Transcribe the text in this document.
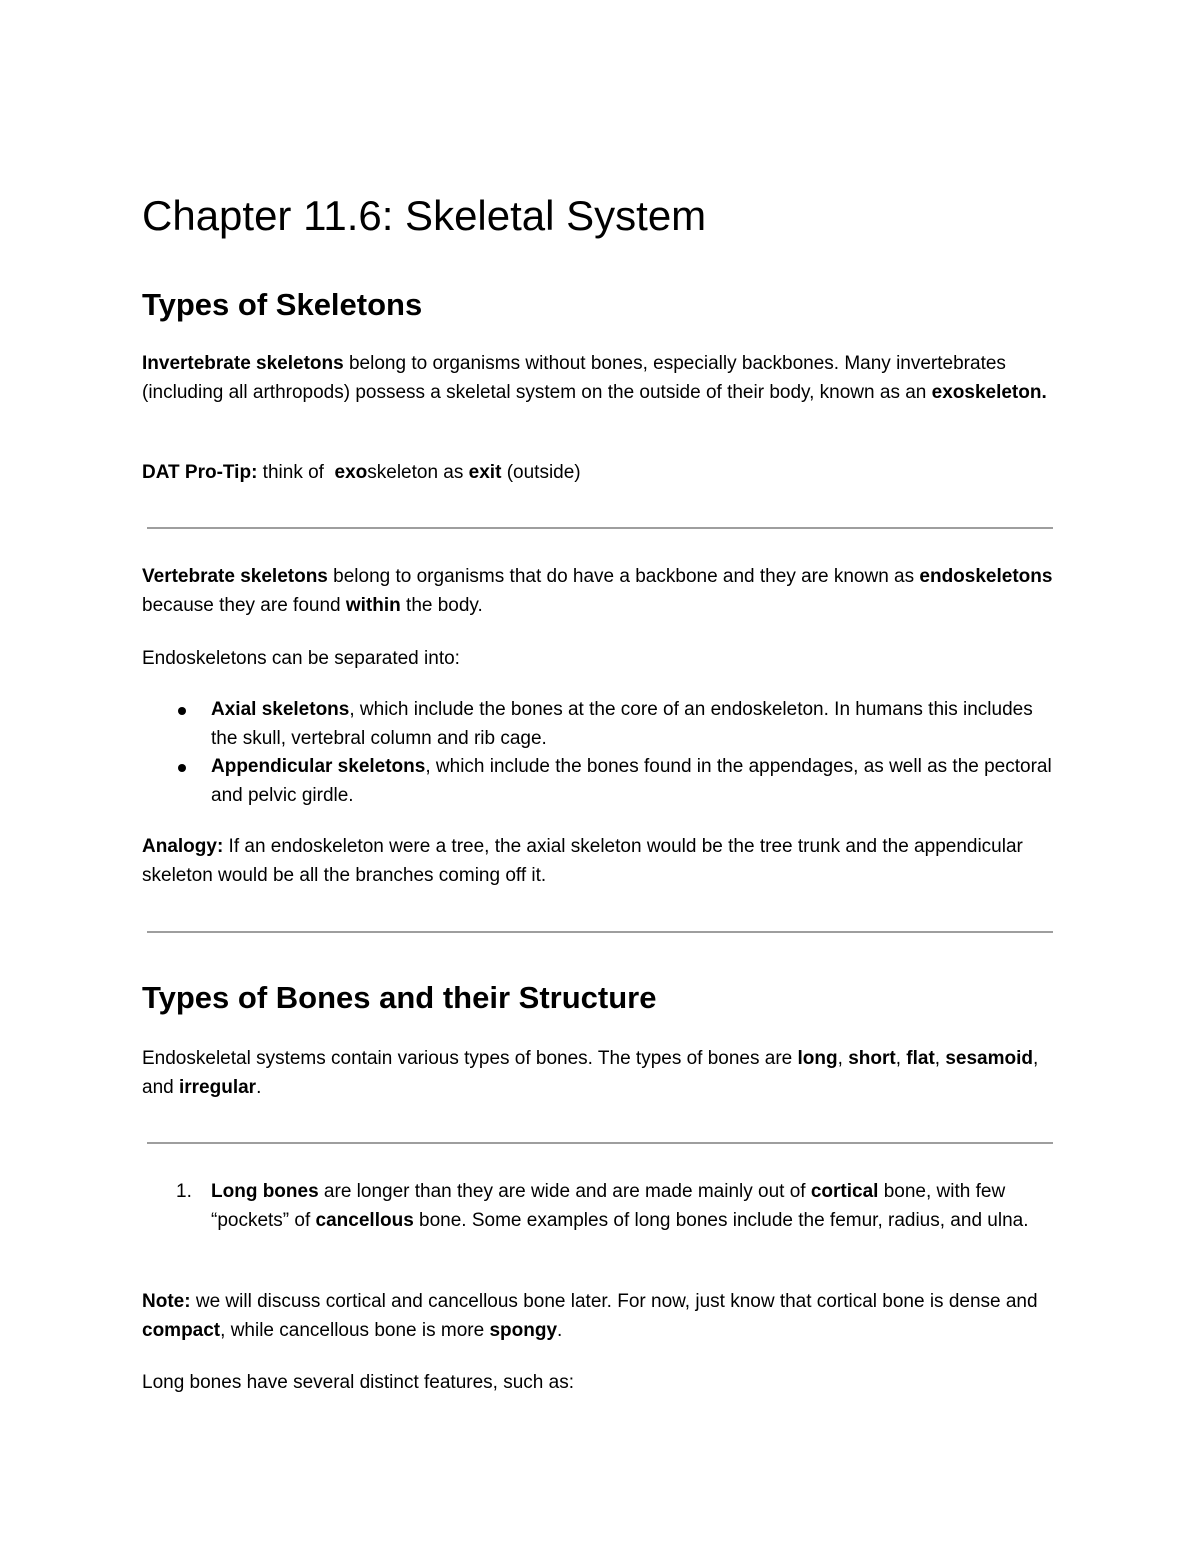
Chapter 11.6: Skeletal System
Types of Skeletons

Invertebrate skeletons belong to organisms without bones, especially backbones. Many invertebrates (including all arthropods) possess a skeletal system on the outside of their body, known as an exoskeleton.

DAT Pro-Tip: think of  exoskeleton as exit (outside)

Vertebrate skeletons belong to organisms that do have a backbone and they are known as endoskeletons because they are found within the body.

Endoskeletons can be separated into:

Axial skeletons, which include the bones at the core of an endoskeleton. In humans this includes the skull, vertebral column and rib cage.
Appendicular skeletons, which include the bones found in the appendages, as well as the pectoral and pelvic girdle.

Analogy: If an endoskeleton were a tree, the axial skeleton would be the tree trunk and the appendicular skeleton would be all the branches coming off it.

Types of Bones and their Structure

Endoskeletal systems contain various types of bones. The types of bones are long, short, flat, sesamoid, and irregular.

1. Long bones are longer than they are wide and are made mainly out of cortical bone, with few “pockets” of cancellous bone. Some examples of long bones include the femur, radius, and ulna.

Note: we will discuss cortical and cancellous bone later. For now, just know that cortical bone is dense and compact, while cancellous bone is more spongy.

Long bones have several distinct features, such as:
